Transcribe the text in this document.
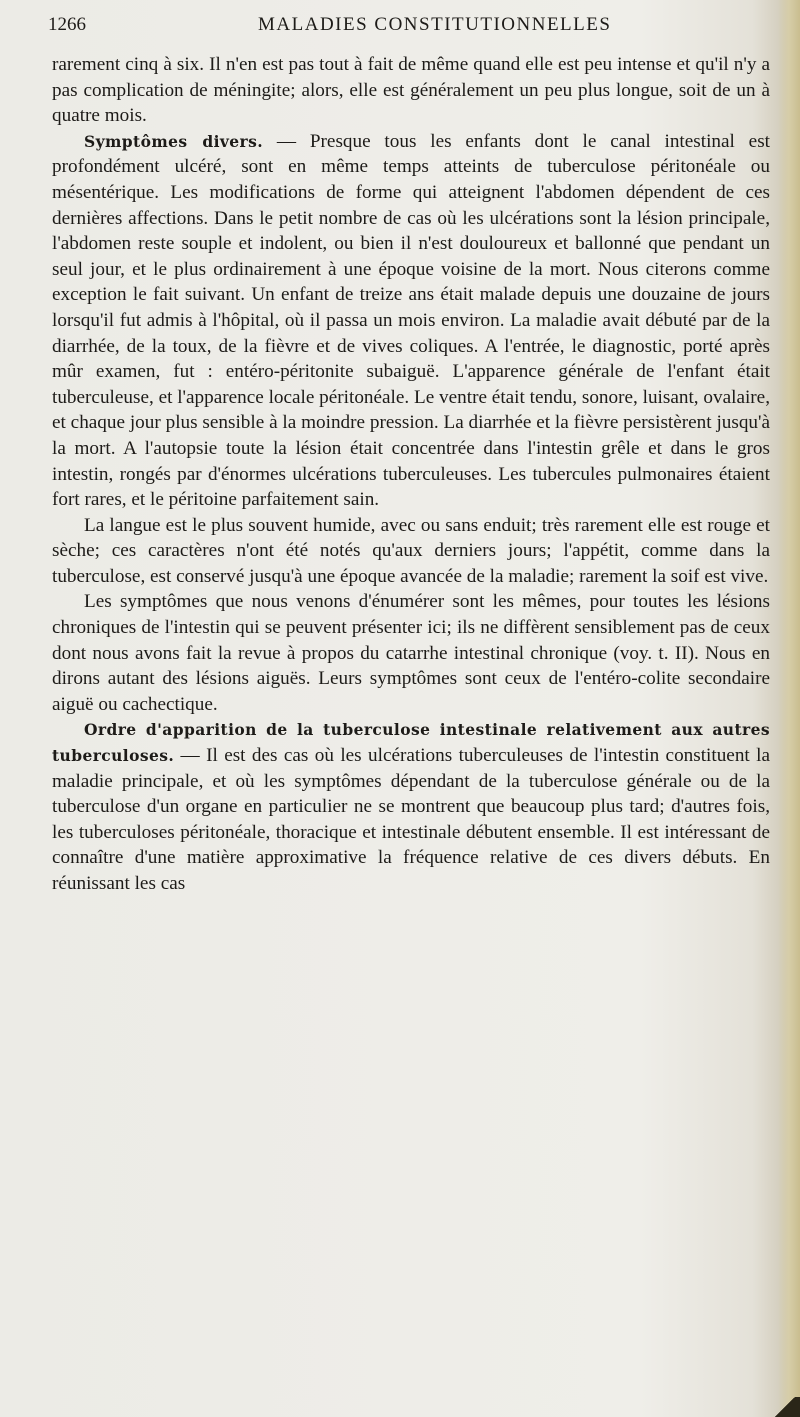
1266	MALADIES CONSTITUTIONNELLES

rarement cinq à six. Il n'en est pas tout à fait de même quand elle est peu intense et qu'il n'y a pas complication de méningite; alors, elle est généralement un peu plus longue, soit de un à quatre mois.

Symptômes divers. — Presque tous les enfants dont le canal intestinal est profondément ulcéré, sont en même temps atteints de tuberculose péritonéale ou mésentérique. Les modifications de forme qui atteignent l'abdomen dépendent de ces dernières affections. Dans le petit nombre de cas où les ulcérations sont la lésion principale, l'abdomen reste souple et indolent, ou bien il n'est douloureux et ballonné que pendant un seul jour, et le plus ordinairement à une époque voisine de la mort. Nous citerons comme exception le fait suivant. Un enfant de treize ans était malade depuis une douzaine de jours lorsqu'il fut admis à l'hôpital, où il passa un mois environ. La maladie avait débuté par de la diarrhée, de la toux, de la fièvre et de vives coliques. A l'entrée, le diagnostic, porté après mûr examen, fut : entéro-péritonite subaiguë. L'apparence générale de l'enfant était tuberculeuse, et l'apparence locale péritonéale. Le ventre était tendu, sonore, luisant, ovalaire, et chaque jour plus sensible à la moindre pression. La diarrhée et la fièvre persistèrent jusqu'à la mort. A l'autopsie toute la lésion était concentrée dans l'intestin grêle et dans le gros intestin, rongés par d'énormes ulcérations tuberculeuses. Les tubercules pulmonaires étaient fort rares, et le péritoine parfaitement sain.

La langue est le plus souvent humide, avec ou sans enduit; très rarement elle est rouge et sèche; ces caractères n'ont été notés qu'aux derniers jours; l'appétit, comme dans la tuberculose, est conservé jusqu'à une époque avancée de la maladie; rarement la soif est vive.

Les symptômes que nous venons d'énumérer sont les mêmes, pour toutes les lésions chroniques de l'intestin qui se peuvent présenter ici; ils ne diffèrent sensiblement pas de ceux dont nous avons fait la revue à propos du catarrhe intestinal chronique (voy. t. II). Nous en dirons autant des lésions aiguës. Leurs symptômes sont ceux de l'entéro-colite secondaire aiguë ou cachectique.

Ordre d'apparition de la tuberculose intestinale relativement aux autres tuberculoses. — Il est des cas où les ulcérations tuberculeuses de l'intestin constituent la maladie principale, et où les symptômes dépendant de la tuberculose générale ou de la tuberculose d'un organe en particulier ne se montrent que beaucoup plus tard; d'autres fois, les tuberculoses péritonéale, thoracique et intestinale débutent ensemble. Il est intéressant de connaître d'une matière approximative la fréquence relative de ces divers débuts. En réunissant les cas
